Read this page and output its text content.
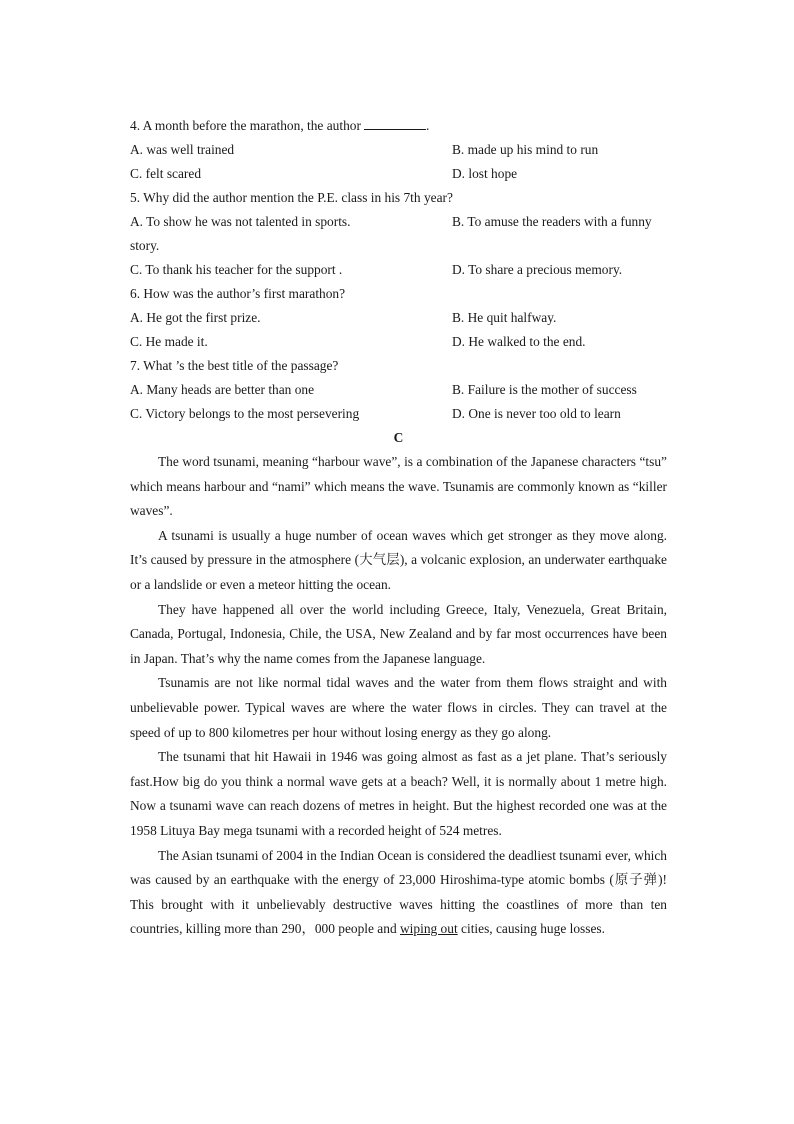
4. A month before the marathon, the author	.
A. was well trained	B. made up his mind to run
C. felt scared	D. lost hope
5. Why did the author mention the P.E. class in his 7th year?
A. To show he was not talented in sports.	B. To amuse the readers with a funny
story.
C. To thank his teacher for the support .	D. To share a precious memory.
6. How was the author’s first marathon?
A. He got the first prize.	B. He quit halfway.
C. He made it.	D. He walked to the end.
7. What ’s the best title of the passage?
A. Many heads are better than one	B. Failure is the mother of success
C. Victory belongs to the most persevering	D. One is never too old to learn
C

The word tsunami, meaning “harbour wave”, is a combination of the Japanese characters “tsu” which means harbour and “nami” which means the wave. Tsunamis are commonly known as “killer waves”.

A tsunami is usually a huge number of ocean waves which get stronger as they move along. It’s caused by pressure in the atmosphere (大气层), a volcanic explosion, an underwater earthquake or a landslide or even a meteor hitting the ocean.

They have happened all over the world including Greece, Italy, Venezuela, Great Britain, Canada, Portugal, Indonesia, Chile, the USA, New Zealand and by far most occurrences have been in Japan. That’s why the name comes from the Japanese language.

Tsunamis are not like normal tidal waves and the water from them flows straight and with unbelievable power. Typical waves are where the water flows in circles. They can travel at the speed of up to 800 kilometres per hour without losing energy as they go along.

The tsunami that hit Hawaii in 1946 was going almost as fast as a jet plane. That’s seriously fast.How big do you think a normal wave gets at a beach? Well, it is normally about 1 metre high. Now a tsunami wave can reach dozens of metres in height. But the highest recorded one was at the 1958 Lituya Bay mega tsunami with a recorded height of 524 metres.

The Asian tsunami of 2004 in the Indian Ocean is considered the deadliest tsunami ever, which was caused by an earthquake with the energy of 23,000 Hiroshima-type atomic bombs (原子弹)! This brought with it unbelievably destructive waves hitting the coastlines of more than ten countries, killing more than 290，000 people and wiping out cities, causing huge losses.
